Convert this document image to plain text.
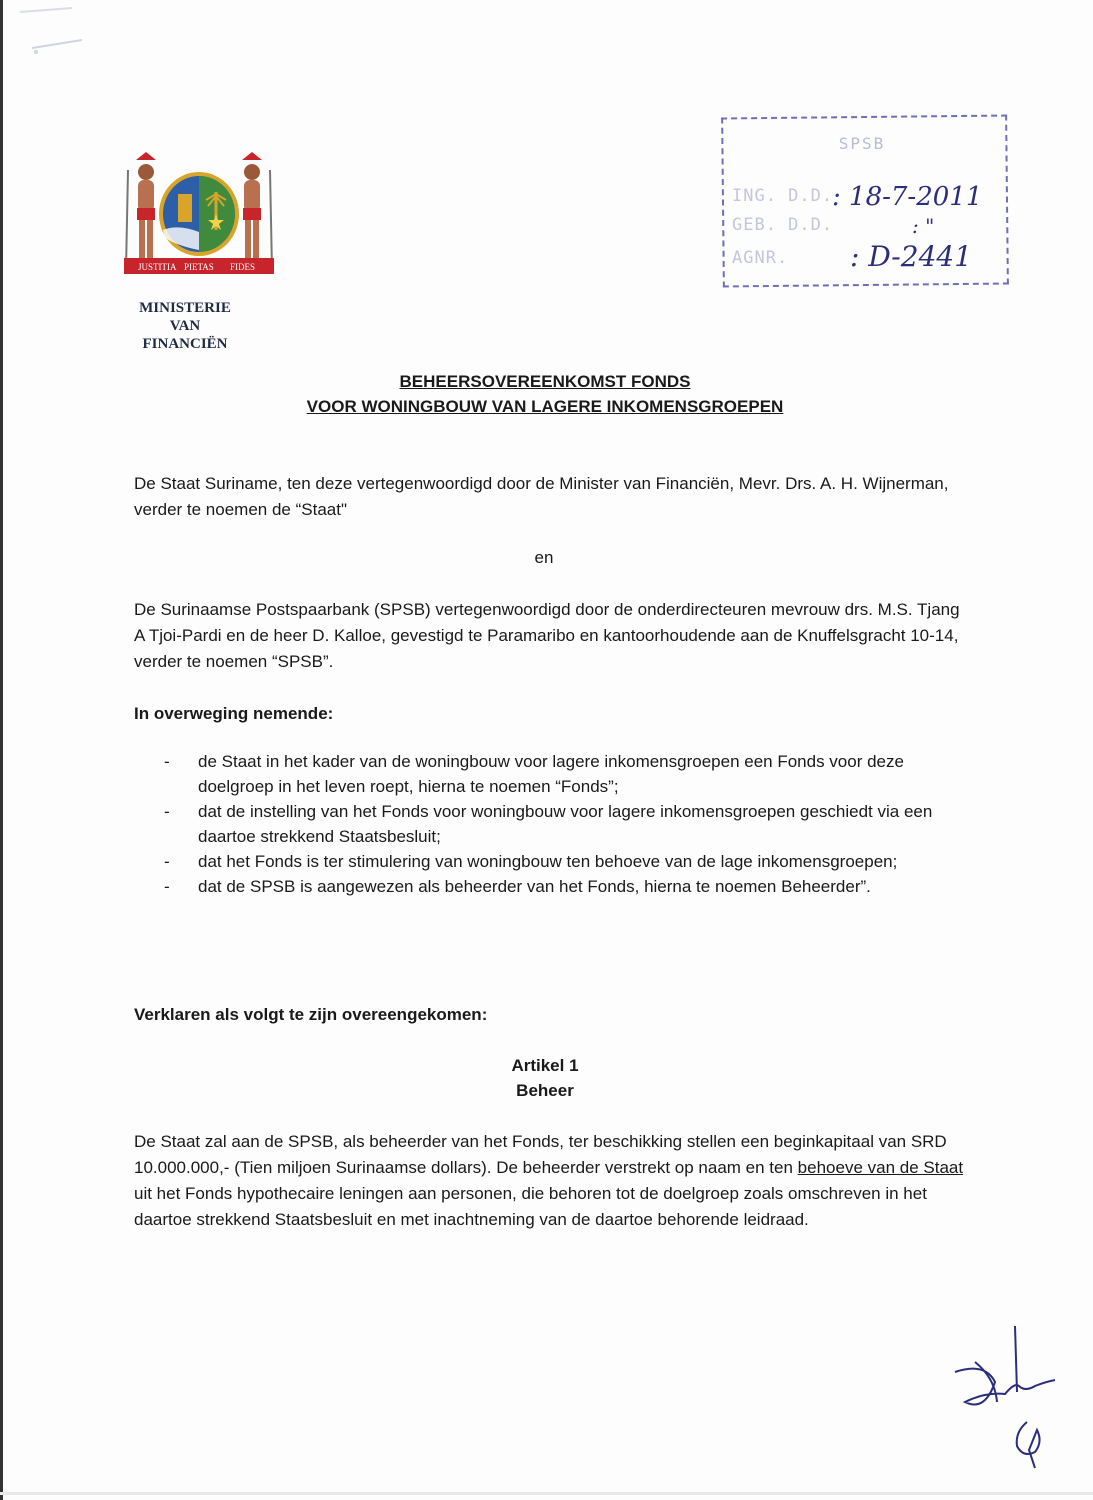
JUSTITIA PIETAS FIDES
MINISTERIE
VAN
FINANCIËN
SPSB
ING. D.D.
GEB. D.D.
AGNR.
: 18-7-2011
: "
: D-2441
BEHEERSOVEREENKOMST FONDS
VOOR WONINGBOUW VAN LAGERE INKOMENSGROEPEN
De Staat Suriname, ten deze vertegenwoordigd door de Minister van Financiën, Mevr. Drs. A. H. Wijnerman, verder te noemen de “Staat"
en
De Surinaamse Postspaarbank (SPSB) vertegenwoordigd door de onderdirecteuren mevrouw drs. M.S. Tjang A Tjoi-Pardi en de heer D. Kalloe, gevestigd te Paramaribo en kantoorhoudende aan de Knuffelsgracht 10-14, verder te noemen “SPSB”.
In overweging nemende:
- de Staat in het kader van de woningbouw voor lagere inkomensgroepen een Fonds voor deze doelgroep in het leven roept, hierna te noemen “Fonds”;
- dat de instelling van het Fonds voor woningbouw voor lagere inkomensgroepen geschiedt via een daartoe strekkend Staatsbesluit;
- dat het Fonds is ter stimulering van woningbouw ten behoeve van de lage inkomensgroepen;
- dat de SPSB is aangewezen als beheerder van het Fonds, hierna te noemen Beheerder”.
Verklaren als volgt te zijn overeengekomen:
Artikel 1
Beheer
De Staat zal aan de SPSB, als beheerder van het Fonds, ter beschikking stellen een beginkapitaal van SRD 10.000.000,- (Tien miljoen Surinaamse dollars). De beheerder verstrekt op naam en ten behoeve van de Staat uit het Fonds hypothecaire leningen aan personen, die behoren tot de doelgroep zoals omschreven in het daartoe strekkend Staatsbesluit en met inachtneming van de daartoe behorende leidraad.
